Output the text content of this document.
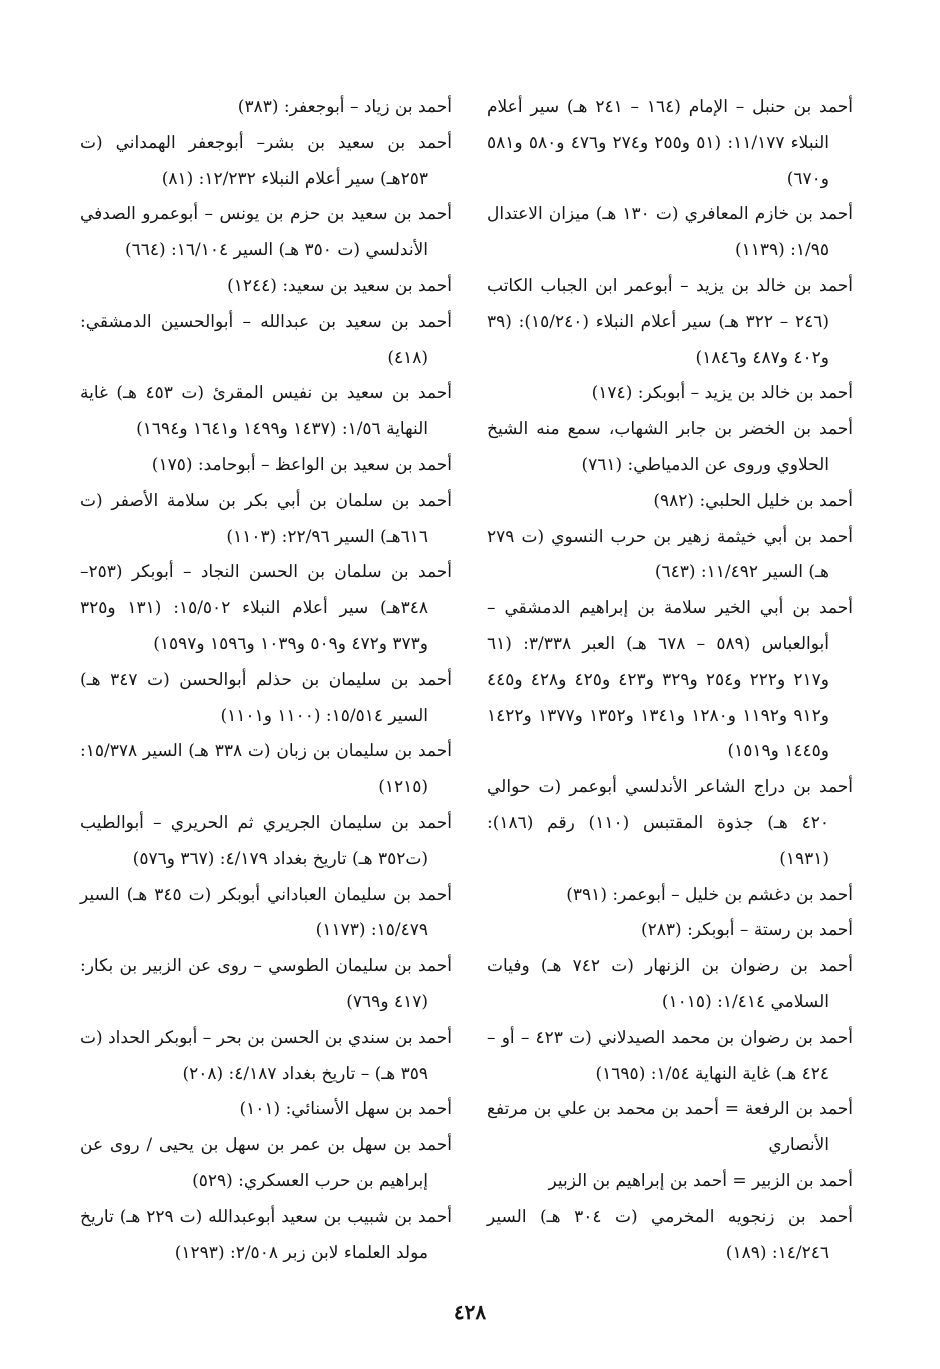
أحمد بن حنبل – الإمام (١٦٤ – ٢٤١ هـ) سير أعلام النبلاء ١١/١٧٧: (٥١ و٢٥٥ و٢٧٤ و٤٧٦ و٥٨٠ و٥٨١ و٦٧٠)

أحمد بن خازم المعافري (ت ١٣٠ هـ) ميزان الاعتدال ١/٩٥: (١١٣٩)

أحمد بن خالد بن يزيد – أبوعمر ابن الجباب الكاتب (٢٤٦ – ٣٢٢ هـ) سير أعلام النبلاء (١٥/٢٤٠): (٣٩ و٤٠٢ و٤٨٧ و١٨٤٦)

أحمد بن خالد بن يزيد – أبوبكر: (١٧٤)

أحمد بن الخضر بن جابر الشهاب، سمع منه الشيخ الحلاوي وروى عن الدمياطي: (٧٦١)

أحمد بن خليل الحلبي: (٩٨٢)

أحمد بن أبي خيثمة زهير بن حرب النسوي (ت ٢٧٩ هـ) السير ١١/٤٩٢: (٦٤٣)

أحمد بن أبي الخير سلامة بن إبراهيم الدمشقي – أبوالعباس (٥٨٩ – ٦٧٨ هـ) العبر ٣/٣٣٨: (٦١ و٢١٧ و٢٢٢ و٢٥٤ و٣٢٩ و٤٢٣ و٤٢٥ و٤٢٨ و٤٤٥ و٩١٢ و١١٩٢ و١٢٨٠ و١٣٤١ و١٣٥٢ و١٣٧٧ و١٤٢٢ و١٤٤٥ و١٥١٩)

أحمد بن دراج الشاعر الأندلسي أبوعمر (ت حوالي ٤٢٠ هـ) جذوة المقتبس (١١٠) رقم (١٨٦): (١٩٣١)

أحمد بن دغشم بن خليل – أبوعمر: (٣٩١)

أحمد بن رستة – أبوبكر: (٢٨٣)

أحمد بن رضوان بن الزنهار (ت ٧٤٢ هـ) وفيات السلامي ١/٤١٤: (١٠١٥)

أحمد بن رضوان بن محمد الصيدلاني (ت ٤٢٣ – أو – ٤٢٤ هـ) غاية النهاية ١/٥٤: (١٦٩٥)

أحمد بن الرفعة = أحمد بن محمد بن علي بن مرتفع الأنصاري

أحمد بن الزبير = أحمد بن إبراهيم بن الزبير

أحمد بن زنجويه المخرمي (ت ٣٠٤ هـ) السير ١٤/٢٤٦: (١٨٩)

أحمد بن زياد – أبوجعفر: (٣٨٣)

أحمد بن سعيد بن بشر– أبوجعفر الهمداني (ت ٢٥٣هـ) سير أعلام النبلاء ١٢/٢٣٢: (٨١)

أحمد بن سعيد بن حزم بن يونس – أبوعمرو الصدفي الأندلسي (ت ٣٥٠ هـ) السير ١٦/١٠٤: (٦٦٤)

أحمد بن سعيد بن سعيد: (١٢٤٤)

أحمد بن سعيد بن عبدالله – أبوالحسين الدمشقي: (٤١٨)

أحمد بن سعيد بن نفيس المقرئ (ت ٤٥٣ هـ) غاية النهاية ١/٥٦: (١٤٣٧ و١٤٩٩ و١٦٤١ و١٦٩٤)

أحمد بن سعيد بن الواعظ – أبوحامد: (١٧٥)

أحمد بن سلمان بن أبي بكر بن سلامة الأصفر (ت ٦١٦هـ) السير ٢٢/٩٦: (١١٠٣)

أحمد بن سلمان بن الحسن النجاد – أبوبكر (٢٥٣–٣٤٨هـ) سير أعلام النبلاء ١٥/٥٠٢: (١٣١ و٣٢٥ و٣٧٣ و٤٧٢ و٥٠٩ و١٠٣٩ و١٥٩٦ و١٥٩٧)

أحمد بن سليمان بن حذلم أبوالحسن (ت ٣٤٧ هـ) السير ١٥/٥١٤: (١١٠٠ و١١٠١)

أحمد بن سليمان بن زبان (ت ٣٣٨ هـ) السير ١٥/٣٧٨: (١٢١٥)

أحمد بن سليمان الجريري ثم الحريري – أبوالطيب (ت٣٥٢ هـ) تاريخ بغداد ٤/١٧٩: (٣٦٧ و٥٧٦)

أحمد بن سليمان العباداني أبوبكر (ت ٣٤٥ هـ) السير ١٥/٤٧٩: (١١٧٣)

أحمد بن سليمان الطوسي – روى عن الزبير بن بكار: (٤١٧ و٧٦٩)

أحمد بن سندي بن الحسن بن بحر – أبوبكر الحداد (ت ٣٥٩ هـ) – تاريخ بغداد ٤/١٨٧: (٢٠٨)

أحمد بن سهل الأسنائي: (١٠١)

أحمد بن سهل بن عمر بن سهل بن يحيى / روى عن إبراهيم بن حرب العسكري: (٥٢٩)

أحمد بن شبيب بن سعيد أبوعبدالله (ت ٢٢٩ هـ) تاريخ مولد العلماء لابن زبر ٢/٥٠٨: (١٢٩٣)

٤٢٨
